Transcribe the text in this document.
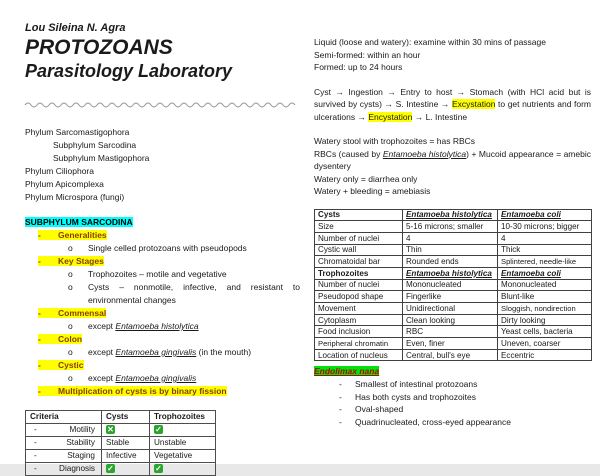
Lou Sileina N. Agra
PROTOZOANS
Parasitology Laboratory
Phylum Sarcomastigophora
Subphylum Sarcodina
Subphylum Mastigophora
Phylum Ciliophora
Phylum Apicomplexa
Phylum Microspora (fungi)
SUBPHYLUM SARCODINA
- Generalities
o	Single celled protozoans with pseudopods
- Key Stages
o	Trophozoites – motile and vegetative
o	Cysts – nonmotile, infective, and resistant to environmental changes
- Commensal
o	except Entamoeba histolytica
- Colon
o	except Entamoeba gingivalis (in the mouth)
- Cystic
o	except Entamoeba gingivalis
- Multiplication of cysts is by binary fission
Criteria	Cysts	Trophozoites

- Motility	✕	✓

- Stability	Stable	Unstable

- Staging	Infective	Vegetative

- Diagnosis	✓	✓
Liquid (loose and watery): examine within 30 mins of passage
Semi-formed: within an hour
Formed: up to 24 hours
Cyst → Ingestion → Entry to host → Stomach (with HCl acid but is survived by cysts) → S. Intestine → Excystation to get nutrients and form ulcerations → Encystation → L. Intestine
Watery stool with trophozoites = has RBCs
RBCs (caused by Entamoeba histolytica) + Mucoid appearance = amebic dysentery
Watery only = diarrhea only
Watery + bleeding = amebiasis
Cysts	Entamoeba histolytica	Entamoeba coli
Size	5-16 microns; smaller	10-30 microns; bigger
Number of nuclei	4	4
Cystic wall	Thin	Thick
Chromatoidal bar	Rounded ends	Splintered, needle-like
Trophozoites	Entamoeba histolytica	Entamoeba coli
Number of nuclei	Mononucleated	Mononucleated
Pseudopod shape	Fingerlike	Blunt-like
Movement	Unidirectional	Sloggish, nondirection
Cytoplasm	Clean looking	Dirty looking
Food inclusion	RBC	Yeast cells, bacteria
Peripheral chromatin	Even, finer	Uneven, coarser
Location of nucleus	Central, bull's eye	Eccentric
Endolimax nana
-	Smallest of intestinal protozoans
-	Has both cysts and trophozoites
-	Oval-shaped
-	Quadrinucleated, cross-eyed appearance
